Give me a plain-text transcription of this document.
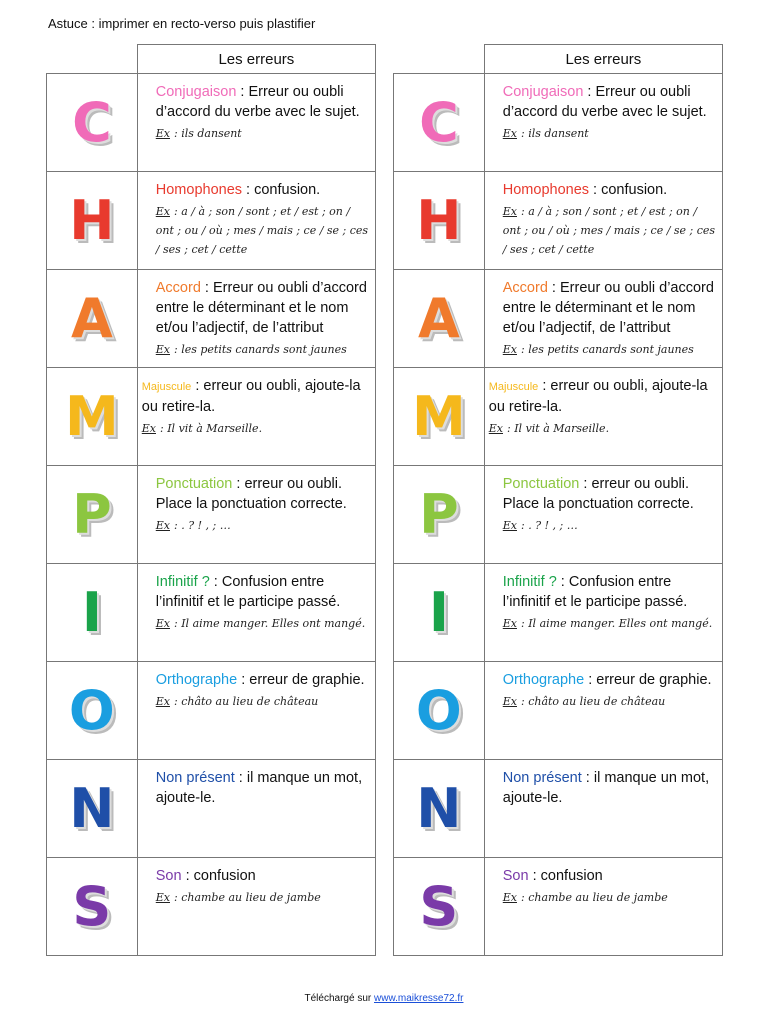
Astuce : imprimer en recto-verso puis plastifier
	Les erreurs

C	Conjugaison : Erreur ou oubli d’accord du verbe avec le sujet.
Ex : ils dansent

H	Homophones : confusion.
Ex : a / à ; son / sont ; et / est ; on / ont ; ou / où ; mes / mais ; ce / se ; ces / ses ; cet / cette

A	Accord : Erreur ou oubli d’accord entre le déterminant et le nom et/ou l’adjectif, de l’attribut
Ex : les petits canards sont jaunes

M	Majuscule : erreur ou oubli, ajoute-la ou retire-la.
Ex : Il vit à Marseille.

P	Ponctuation : erreur ou oubli. Place la ponctuation correcte.
Ex : . ? ! , ; …

I	Infinitif ? : Confusion entre l’infinitif et le participe passé.
Ex : Il aime manger. Elles ont mangé.

O	Orthographe : erreur de graphie.
Ex : châto au lieu de château

N	Non présent : il manque un mot, ajoute-le.

S	Son : confusion
Ex : chambe au lieu de jambe
	Les erreurs

C	Conjugaison : Erreur ou oubli d’accord du verbe avec le sujet.
Ex : ils dansent

H	Homophones : confusion.
Ex : a / à ; son / sont ; et / est ; on / ont ; ou / où ; mes / mais ; ce / se ; ces / ses ; cet / cette

A	Accord : Erreur ou oubli d’accord entre le déterminant et le nom et/ou l’adjectif, de l’attribut
Ex : les petits canards sont jaunes

M	Majuscule : erreur ou oubli, ajoute-la ou retire-la.
Ex : Il vit à Marseille.

P	Ponctuation : erreur ou oubli. Place la ponctuation correcte.
Ex : . ? ! , ; …

I	Infinitif ? : Confusion entre l’infinitif et le participe passé.
Ex : Il aime manger. Elles ont mangé.

O	Orthographe : erreur de graphie.
Ex : châto au lieu de château

N	Non présent : il manque un mot, ajoute-le.

S	Son : confusion
Ex : chambe au lieu de jambe
Téléchargé sur www.maikresse72.fr
